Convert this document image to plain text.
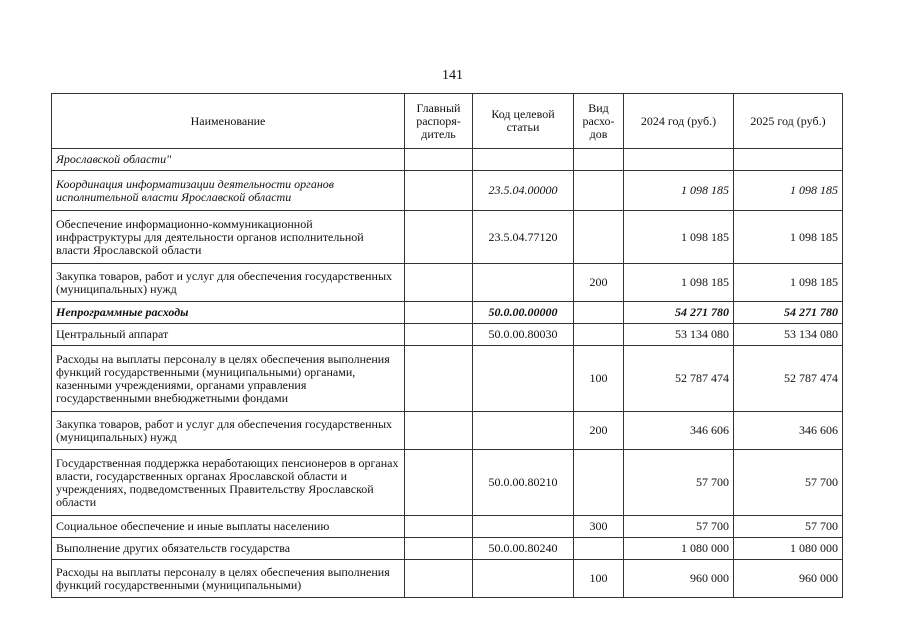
141
Наименование	Главный распоря-дитель	Код целевой статьи	Вид расхо-дов	2024 год (руб.)	2025 год (руб.)
Ярославской области"					
Координация информатизации деятельности органов исполнительной власти Ярославской области		23.5.04.00000		1 098 185	1 098 185
Обеспечение информационно-коммуникационной инфраструктуры для деятельности органов исполнительной власти Ярославской области		23.5.04.77120		1 098 185	1 098 185
Закупка товаров, работ и услуг для обеспечения государственных (муниципальных) нужд			200	1 098 185	1 098 185
Непрограммные расходы		50.0.00.00000		54 271 780	54 271 780
Центральный аппарат		50.0.00.80030		53 134 080	53 134 080
Расходы на выплаты персоналу в целях обеспечения выполнения функций государственными (муниципальными) органами, казенными учреждениями, органами управления государственными внебюджетными фондами			100	52 787 474	52 787 474
Закупка товаров, работ и услуг для обеспечения государственных (муниципальных) нужд			200	346 606	346 606
Государственная поддержка неработающих пенсионеров в органах власти, государственных органах Ярославской области и учреждениях, подведомственных Правительству Ярославской области		50.0.00.80210		57 700	57 700
Социальное обеспечение и иные выплаты населению			300	57 700	57 700
Выполнение других обязательств государства		50.0.00.80240		1 080 000	1 080 000
Расходы на выплаты персоналу в целях обеспечения выполнения функций государственными (муниципальными)			100	960 000	960 000
